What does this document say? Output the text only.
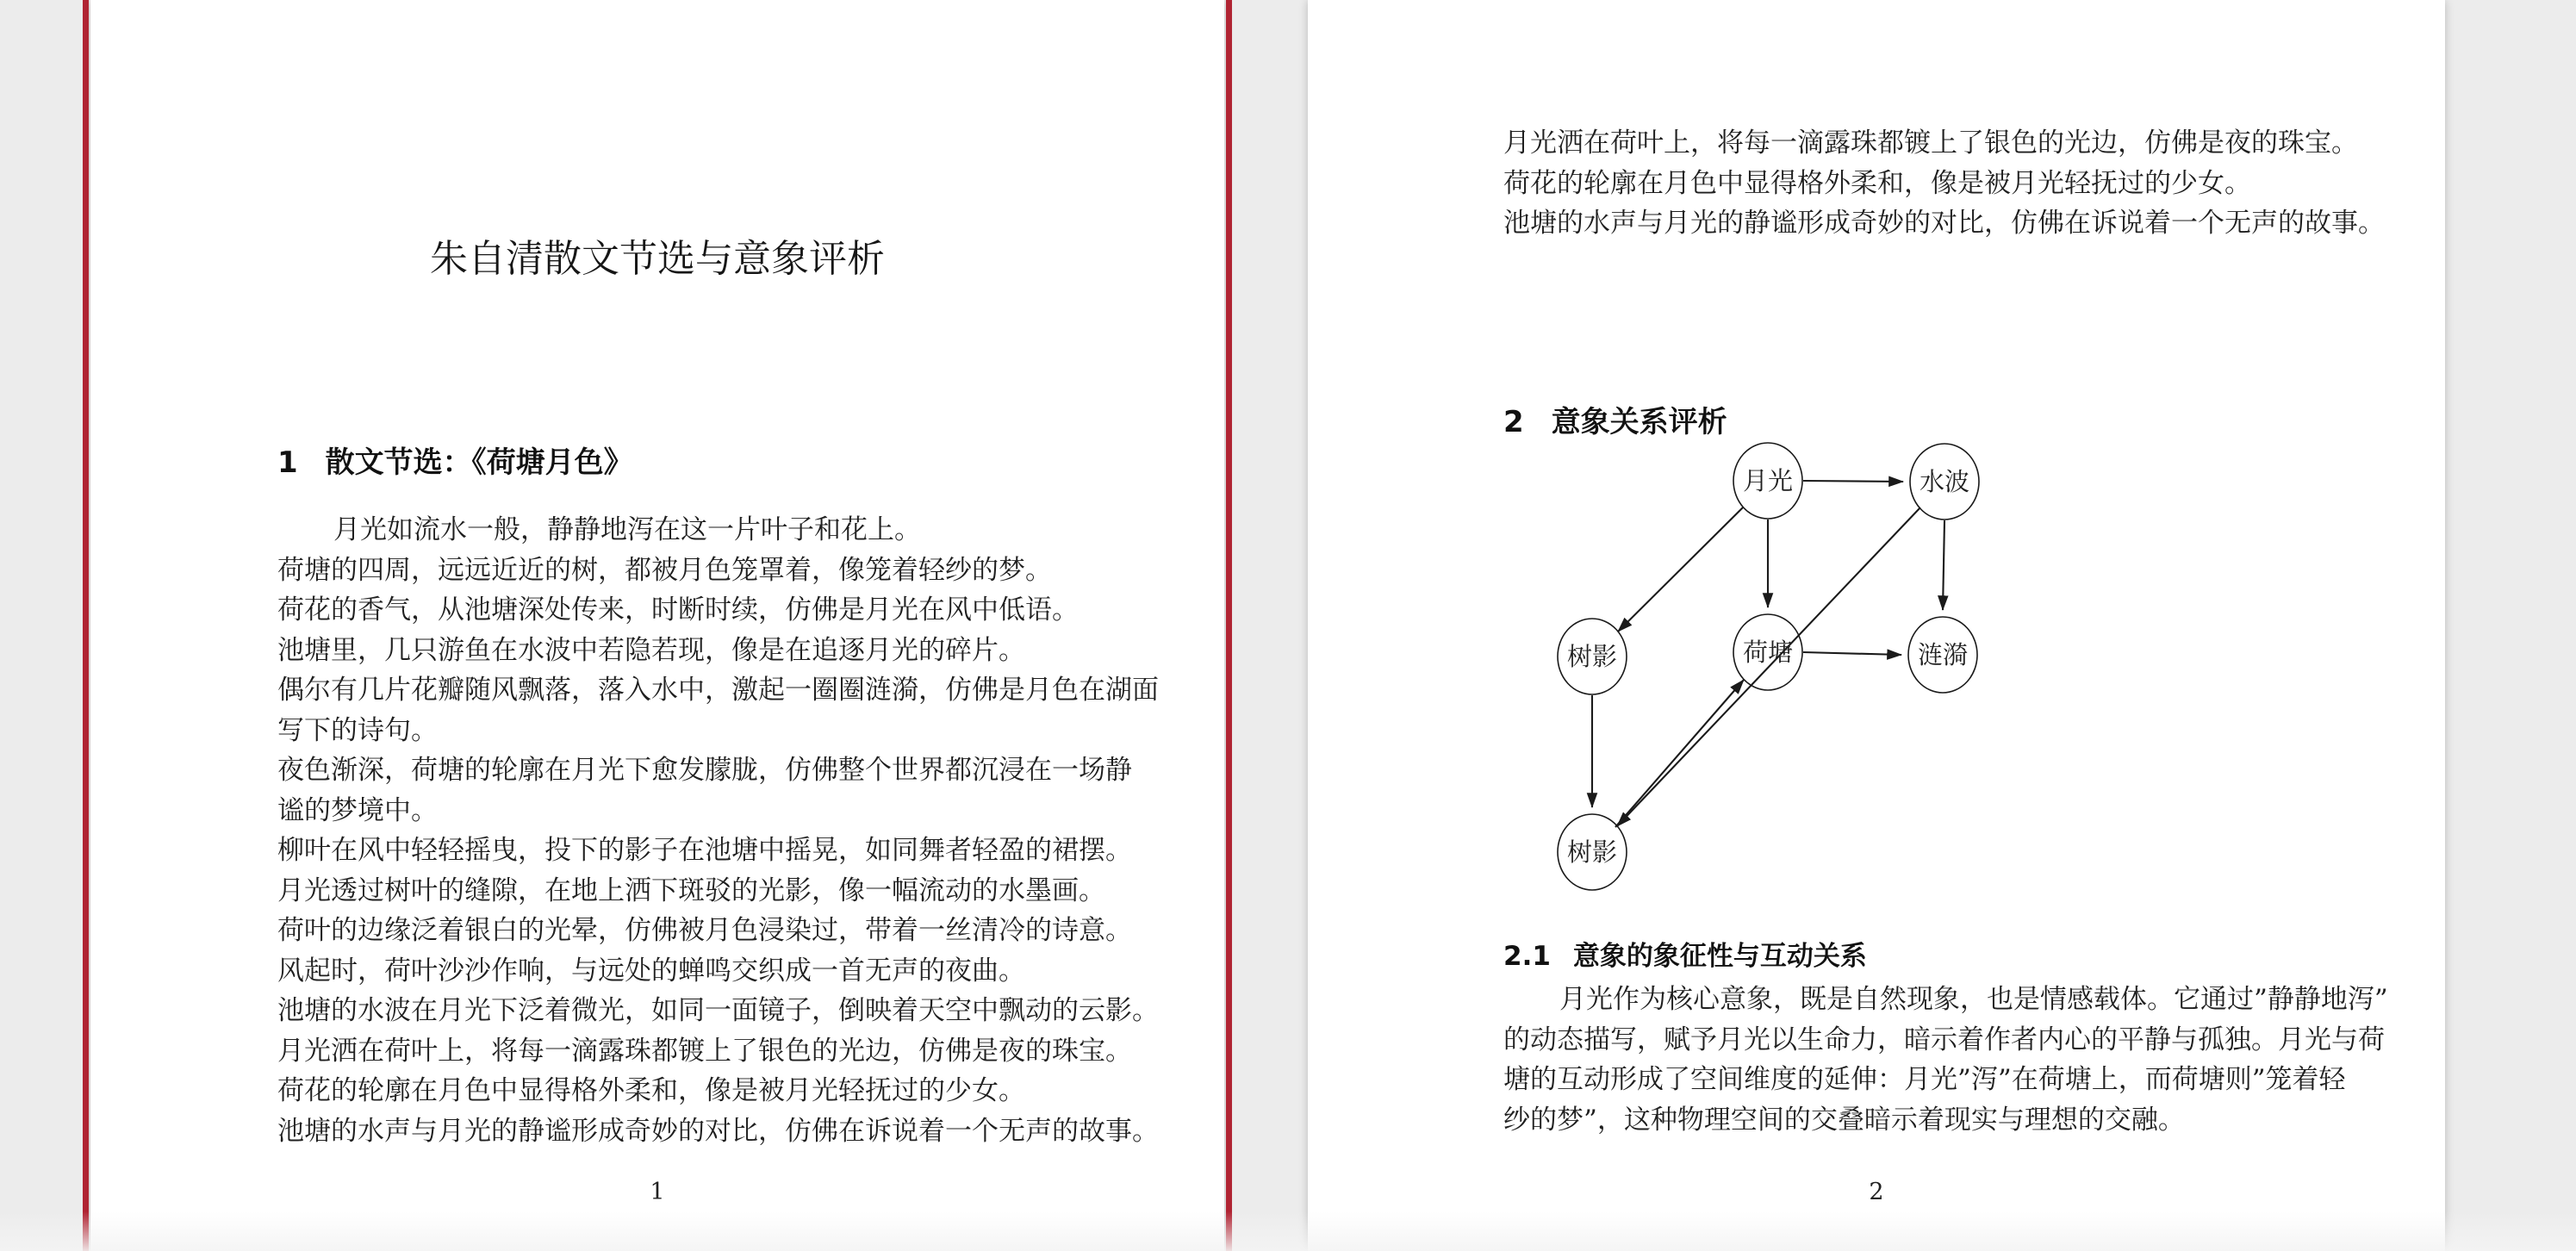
朱自清散文节选与意象评析
1 散文节选：《荷塘月色》
月光如流水一般，静静地泻在这一片叶子和花上。
荷塘的四周，远远近近的树，都被月色笼罩着，像笼着轻纱的梦。
荷花的香气，从池塘深处传来，时断时续，仿佛是月光在风中低语。
池塘里，几只游鱼在水波中若隐若现，像是在追逐月光的碎片。
偶尔有几片花瓣随风飘落，落入水中，激起一圈圈涟漪，仿佛是月色在湖面
写下的诗句。
夜色渐深，荷塘的轮廓在月光下愈发朦胧，仿佛整个世界都沉浸在一场静
谧的梦境中。
柳叶在风中轻轻摇曳，投下的影子在池塘中摇晃，如同舞者轻盈的裙摆。
月光透过树叶的缝隙，在地上洒下斑驳的光影，像一幅流动的水墨画。
荷叶的边缘泛着银白的光晕，仿佛被月色浸染过，带着一丝清冷的诗意。
风起时，荷叶沙沙作响，与远处的蝉鸣交织成一首无声的夜曲。
池塘的水波在月光下泛着微光，如同一面镜子，倒映着天空中飘动的云影。
月光洒在荷叶上，将每一滴露珠都镀上了银色的光边，仿佛是夜的珠宝。
荷花的轮廓在月色中显得格外柔和，像是被月光轻抚过的少女。
池塘的水声与月光的静谧形成奇妙的对比，仿佛在诉说着一个无声的故事。
1
月光洒在荷叶上，将每一滴露珠都镀上了银色的光边，仿佛是夜的珠宝。
荷花的轮廓在月色中显得格外柔和，像是被月光轻抚过的少女。
池塘的水声与月光的静谧形成奇妙的对比，仿佛在诉说着一个无声的故事。
2 意象关系评析
月光	水波
树影	荷塘	涟漪
树影
2.1 意象的象征性与互动关系
月光作为核心意象，既是自然现象，也是情感载体。它通过”静静地泻”
的动态描写，赋予月光以生命力，暗示着作者内心的平静与孤独。月光与荷
塘的互动形成了空间维度的延伸：月光”泻”在荷塘上，而荷塘则”笼着轻
纱的梦”，这种物理空间的交叠暗示着现实与理想的交融。
2
